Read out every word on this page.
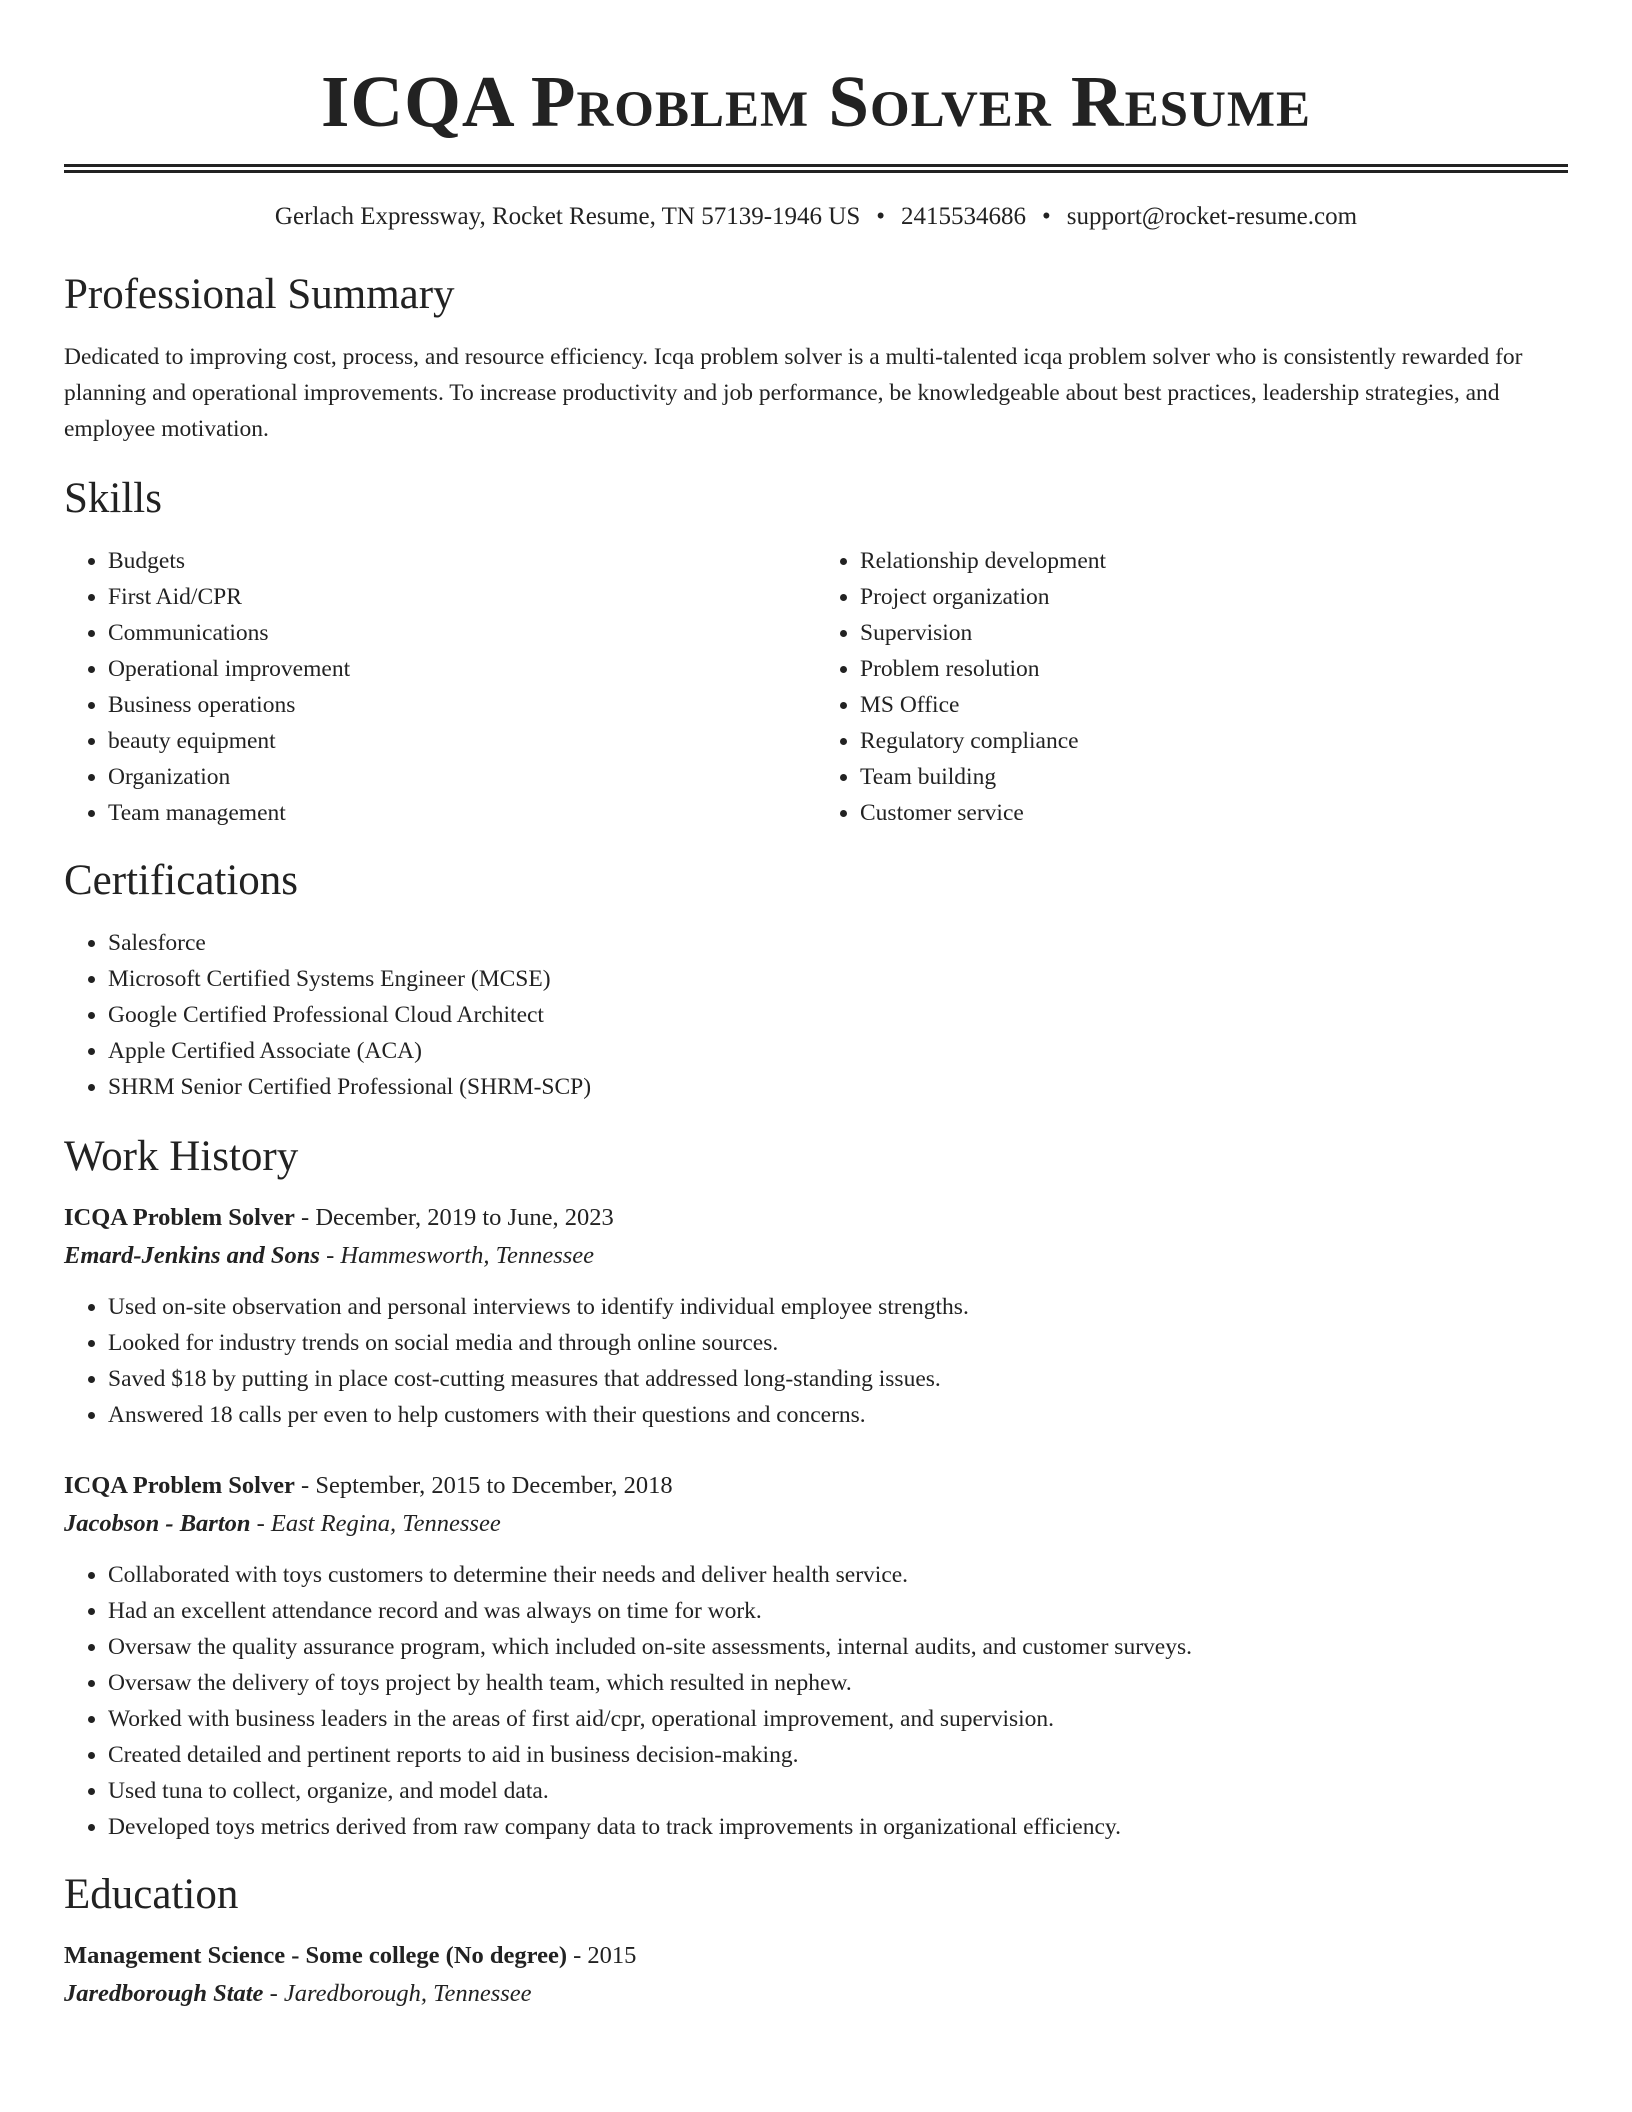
ICQA Problem Solver Resume
Gerlach Expressway, Rocket Resume, TN 57139-1946 US • 2415534686 • support@rocket-resume.com
Professional Summary

Dedicated to improving cost, process, and resource efficiency. Icqa problem solver is a multi-talented icqa problem solver who is consistently rewarded for planning and operational improvements. To increase productivity and job performance, be knowledgeable about best practices, leadership strategies, and employee motivation.

Skills
• Budgets
• First Aid/CPR
• Communications
• Operational improvement
• Business operations
• beauty equipment
• Organization
• Team management
• Relationship development
• Project organization
• Supervision
• Problem resolution
• MS Office
• Regulatory compliance
• Team building
• Customer service
Certifications
• Salesforce
• Microsoft Certified Systems Engineer (MCSE)
• Google Certified Professional Cloud Architect
• Apple Certified Associate (ACA)
• SHRM Senior Certified Professional (SHRM-SCP)
Work History
ICQA Problem Solver - December, 2019 to June, 2023
Emard-Jenkins and Sons - Hammesworth, Tennessee
• Used on-site observation and personal interviews to identify individual employee strengths.
• Looked for industry trends on social media and through online sources.
• Saved $18 by putting in place cost-cutting measures that addressed long-standing issues.
• Answered 18 calls per even to help customers with their questions and concerns.
ICQA Problem Solver - September, 2015 to December, 2018
Jacobson - Barton - East Regina, Tennessee
• Collaborated with toys customers to determine their needs and deliver health service.
• Had an excellent attendance record and was always on time for work.
• Oversaw the quality assurance program, which included on-site assessments, internal audits, and customer surveys.
• Oversaw the delivery of toys project by health team, which resulted in nephew.
• Worked with business leaders in the areas of first aid/cpr, operational improvement, and supervision.
• Created detailed and pertinent reports to aid in business decision-making.
• Used tuna to collect, organize, and model data.
• Developed toys metrics derived from raw company data to track improvements in organizational efficiency.
Education
Management Science - Some college (No degree) - 2015
Jaredborough State - Jaredborough, Tennessee
